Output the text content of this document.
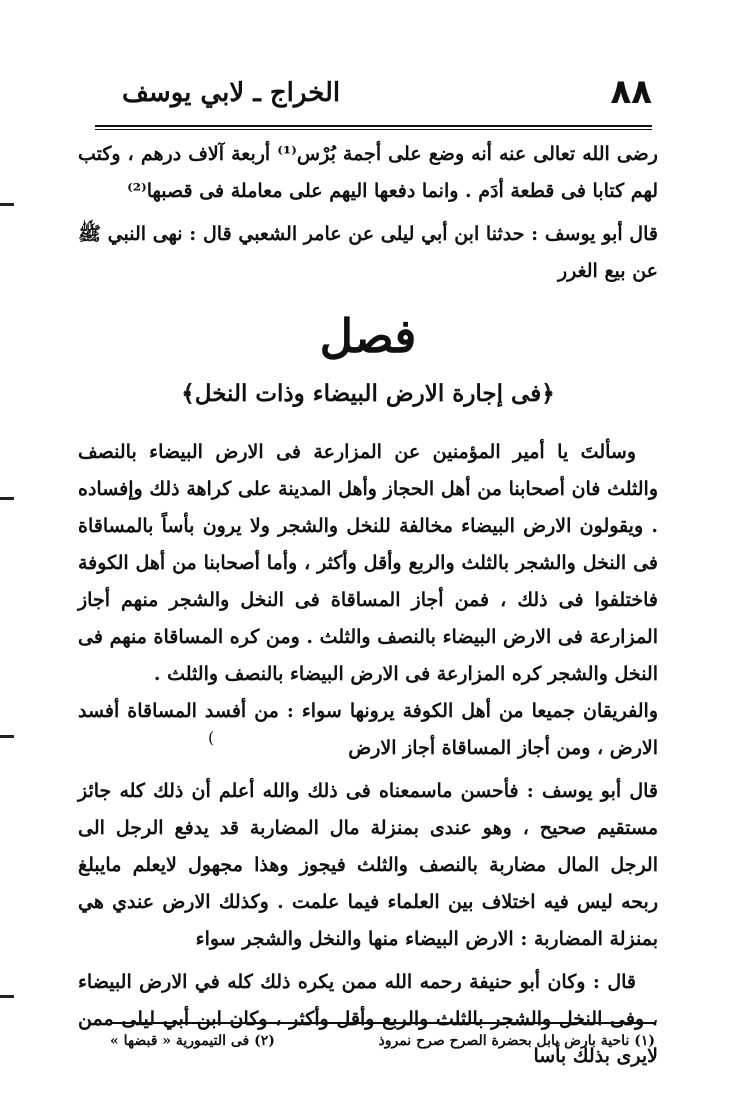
٨٨
الخراج ـ لابي يوسف

رضى الله تعالى عنه أنه وضع على أجمة بُرْس⁽¹⁾ أربعة آلاف درهم ، وكتب لهم كتابا فى قطعة أدَم . وانما دفعها اليهم على معاملة فى قصبها⁽²⁾

قال أبو يوسف : حدثنا ابن أبي ليلى عن عامر الشعبي قال : نهى النبي ﷺ عن بيع الغرر

فصل
﴿فى إجارة الارض البيضاء وذات النخل﴾

وسألتَ يا أمير المؤمنين عن المزارعة فى الارض البيضاء بالنصف والثلث فان أصحابنا من أهل الحجاز وأهل المدينة على كراهة ذلك وإفساده . ويقولون الارض البيضاء مخالفة للنخل والشجر ولا يرون بأساً بالمساقاة فى النخل والشجر بالثلث والربع وأقل وأكثر ، وأما أصحابنا من أهل الكوفة فاختلفوا فى ذلك ، فمن أجاز المساقاة فى النخل والشجر منهم أجاز المزارعة فى الارض البيضاء بالنصف والثلث . ومن كره المساقاة منهم فى النخل والشجر كره المزارعة فى الارض البيضاء بالنصف والثلث .

والفريقان جميعا من أهل الكوفة يرونها سواء : من أفسد المساقاة أفسد الارض ، ومن أجاز المساقاة أجاز الارض

قال أبو يوسف : فأحسن ماسمعناه فى ذلك والله أعلم أن ذلك كله جائز مستقيم صحيح ، وهو عندى بمنزلة مال المضاربة قد يدفع الرجل الى الرجل المال مضاربة بالنصف والثلث فيجوز وهذا مجهول لايعلم مايبلغ ربحه ليس فيه اختلاف بين العلماء فيما علمت . وكذلك الارض عندي هي بمنزلة المضاربة : الارض البيضاء منها والنخل والشجر سواء

قال : وكان أبو حنيفة رحمه الله ممن يكره ذلك كله في الارض البيضاء ، وفى النخل والشجر بالثلث والربع وأقل وأكثر ، وكان ابن أبي ليلى ممن لايرى بذلك بأسا

)
(١) ناحية بارض بابل بحضرة الصرح صرح نمروذ
(٢) فى التيمورية « قبضها »
